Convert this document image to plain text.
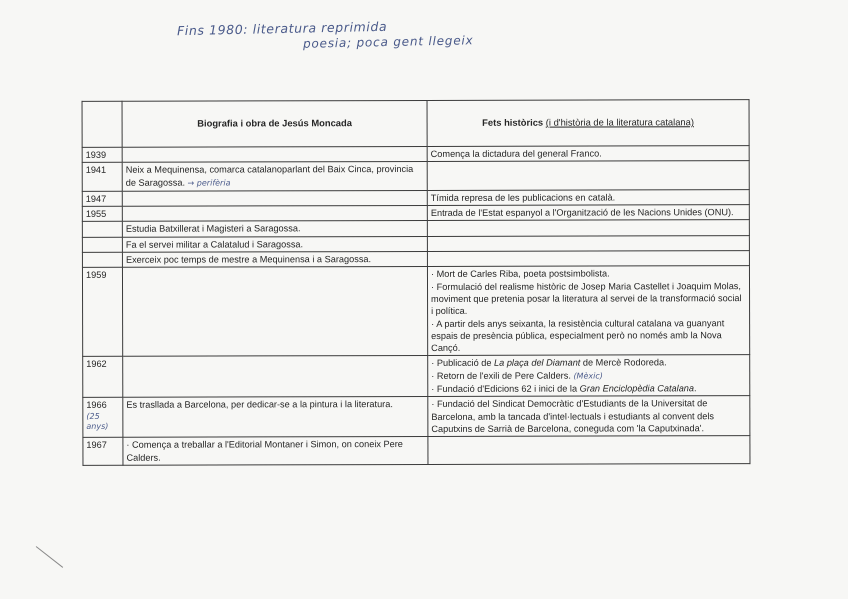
Fins 1980: literatura reprimida
poesia; poca gent llegeix
	Biografia i obra de Jesús Moncada	Fets històrics (i d'història de la literatura catalana)
1939		Comença la dictadura del general Franco.
1941	Neix a Mequinensa, comarca catalanoparlant del Baix Cinca, provincia de Saragossa. → perifèria	
1947		Tímida represa de les publicacions en català.
1955		Entrada de l'Estat espanyol a l'Organització de les Nacions Unides (ONU).
	Estudia Batxillerat i Magisteri a Saragossa.	
	Fa el servei militar a Calatalud i Saragossa.	
	Exerceix poc temps de mestre a Mequinensa i a Saragossa.	
1959		· Mort de Carles Riba, poeta postsimbolista.
· Formulació del realisme històric de Josep Maria Castellet i Joaquim Molas, moviment que pretenia posar la literatura al servei de la transformació social i política.
· A partir dels anys seixanta, la resistència cultural catalana va guanyant espais de presència pública, especialment però no només amb la Nova Cançó.

1962		· Publicació de La plaça del Diamant de Mercè Rodoreda.
· Retorn de l'exili de Pere Calders. (Mèxic)
· Fundació d'Edicions 62 i inici de la Gran Enciclopèdia Catalana.

1966
(25 anys)	Es trasllada a Barcelona, per dedicar-se a la pintura i la literatura.	· Fundació del Sindicat Democràtic d'Estudiants de la Universitat de Barcelona, amb la tancada d'intel·lectuals i estudiants al convent dels Caputxins de Sarrià de Barcelona, coneguda com 'la Caputxinada'.
1967	· Comença a treballar a l'Editorial Montaner i Simon, on coneix Pere Calders.	
